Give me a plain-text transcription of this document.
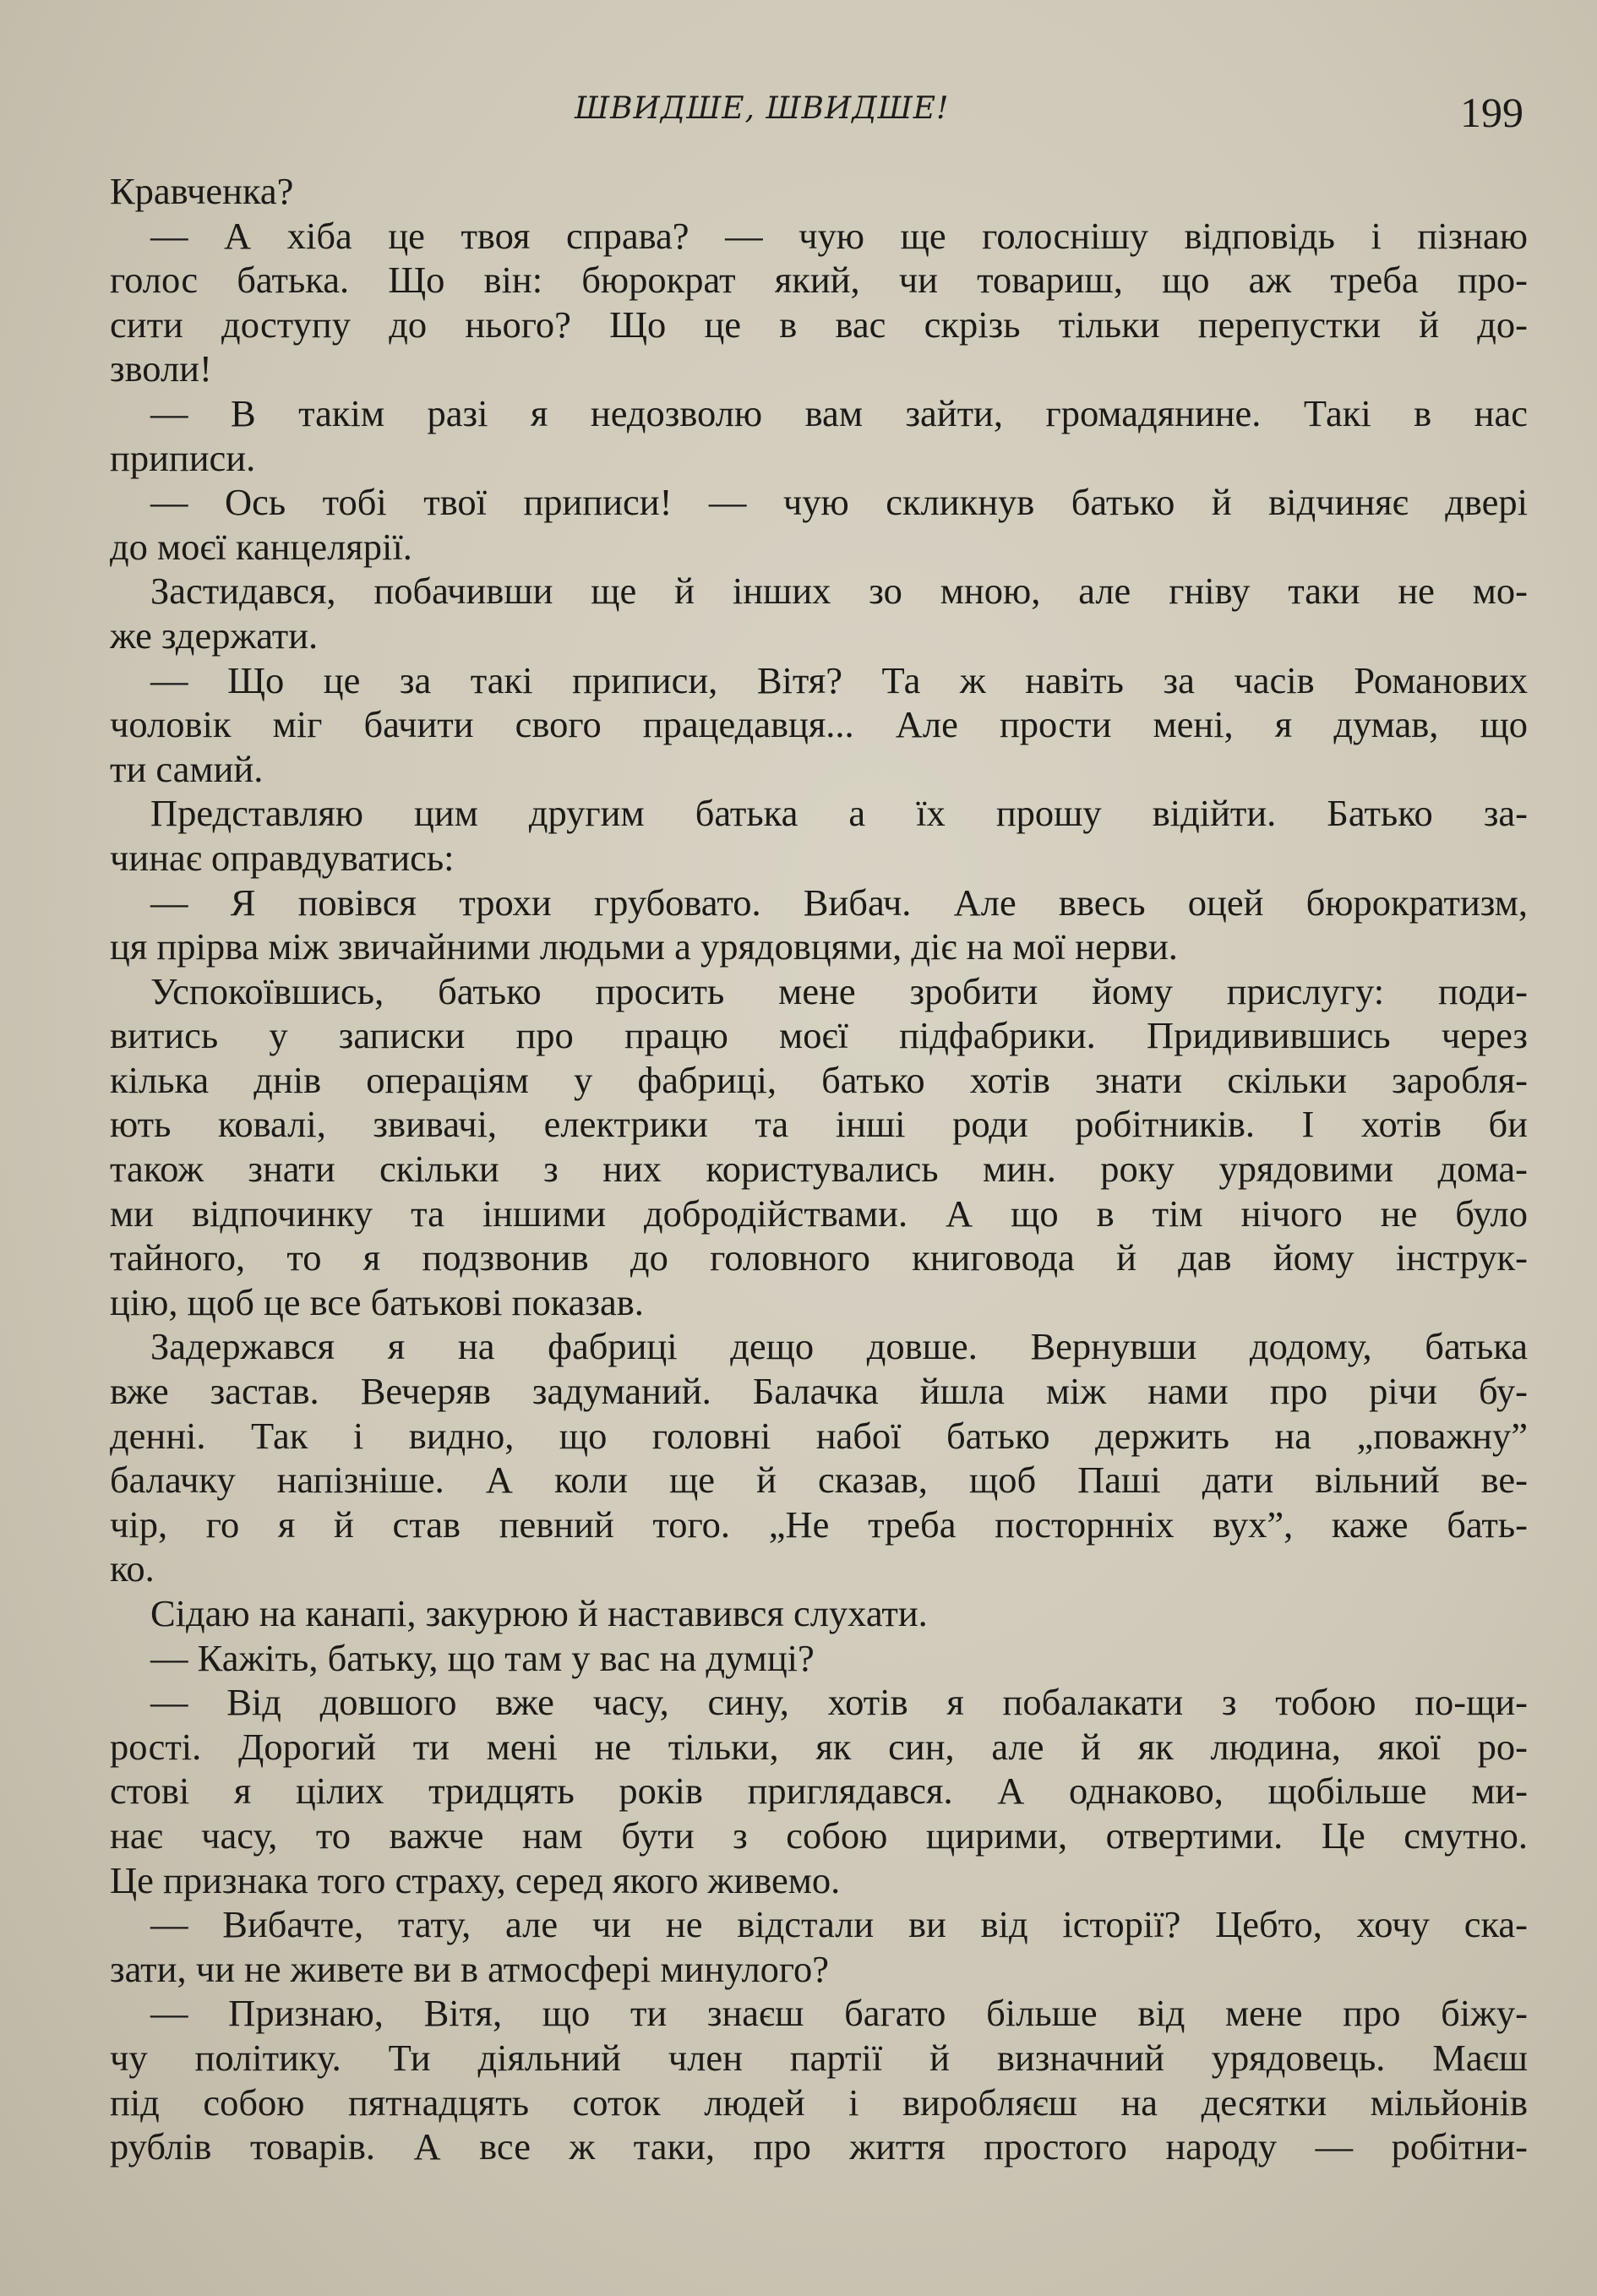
ШВИДШЕ, ШВИДШЕ!	199
Кравченка?
— А хіба це твоя справа? — чую ще голоснішу відповідь і пізнаю
голос батька. Що він: бюрократ який, чи товариш, що аж треба про-
сити доступу до нього? Що це в вас скрізь тільки перепустки й до-
зволи!
— В такім разі я недозволю вам зайти, громадянине. Такі в нас
приписи.
— Ось тобі твої приписи! — чую скликнув батько й відчиняє двері
до моєї канцелярії.
Застидався, побачивши ще й інших зо мною, але гніву таки не мо-
же здержати.
— Що це за такі приписи, Вітя? Та ж навіть за часів Романових
чоловік міг бачити свого працедавця... Але прости мені, я думав, що
ти самий.
Представляю цим другим батька а їх прошу відійти. Батько за-
чинає оправдуватись:
— Я повівся трохи грубовато. Вибач. Але ввесь оцей бюрократизм,
ця прірва між звичайними людьми а урядовцями, діє на мої нерви.
Успокоївшись, батько просить мене зробити йому прислугу: поди-
витись у записки про працю моєї підфабрики. Придивившись через
кілька днів операціям у фабриці, батько хотів знати скільки заробля-
ють ковалі, звивачі, електрики та інші роди робітників. І хотів би
також знати скільки з них користувались мин. року урядовими дома-
ми відпочинку та іншими добродійствами. А що в тім нічого не було
тайного, то я подзвонив до головного книговода й дав йому інструк-
цію, щоб це все батькові показав.
Задержався я на фабриці дещо довше. Вернувши додому, батька
вже застав. Вечеряв задуманий. Балачка йшла між нами про річи бу-
денні. Так і видно, що головні набої батько держить на „поважну”
балачку напізніше. А коли ще й сказав, щоб Паші дати вільний ве-
чір, го я й став певний того. „Не треба посторнніх вух”, каже бать-
ко.
Сідаю на канапі, закурюю й наставився слухати.
— Кажіть, батьку, що там у вас на думці?
— Від довшого вже часу, сину, хотів я побалакати з тобою по-щи-
рості. Дорогий ти мені не тільки, як син, але й як людина, якої ро-
стові я цілих тридцять років приглядався. А однаково, щобільше ми-
нає часу, то важче нам бути з собою щирими, отвертими. Це смутно.
Це признака того страху, серед якого живемо.
— Вибачте, тату, але чи не відстали ви від історії? Цебто, хочу ска-
зати, чи не живете ви в атмосфері минулого?
— Признаю, Вітя, що ти знаєш багато більше від мене про біжу-
чу політику. Ти діяльний член партії й визначний урядовець. Маєш
під собою пятнадцять соток людей і виробляєш на десятки мільйонів
рублів товарів. А все ж таки, про життя простого народу — робітни-
